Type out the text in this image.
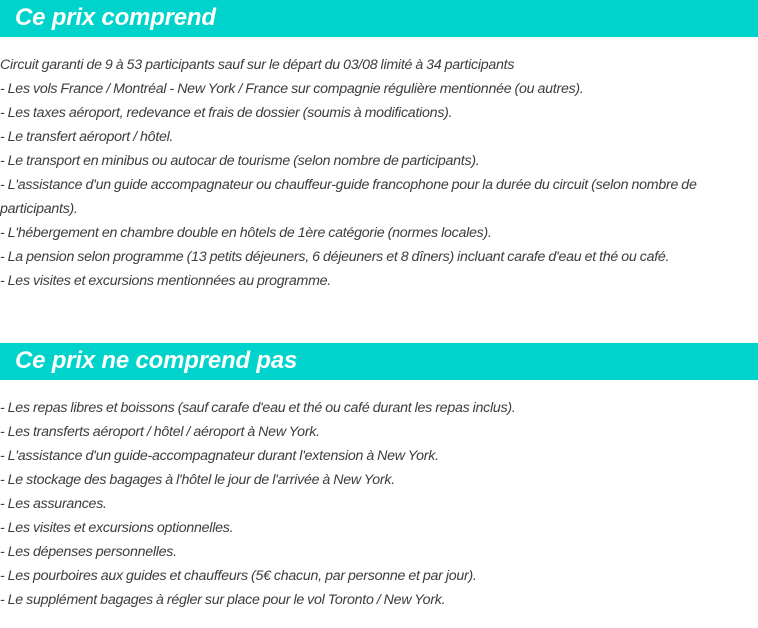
Ce prix comprend
Circuit garanti de 9 à 53 participants sauf sur le départ du 03/08 limité à 34 participants
- Les vols France / Montréal - New York / France sur compagnie régulière mentionnée (ou autres).
- Les taxes aéroport, redevance et frais de dossier (soumis à modifications).
- Le transfert aéroport / hôtel.
- Le transport en minibus ou autocar de tourisme (selon nombre de participants).
- L'assistance d'un guide accompagnateur ou chauffeur-guide francophone pour la durée du circuit (selon nombre de participants).
- L'hébergement en chambre double en hôtels de 1ère catégorie (normes locales).
- La pension selon programme (13 petits déjeuners, 6 déjeuners et 8 dîners) incluant carafe d'eau et thé ou café.
- Les visites et excursions mentionnées au programme.
Ce prix ne comprend pas
- Les repas libres et boissons (sauf carafe d'eau et thé ou café durant les repas inclus).
- Les transferts aéroport / hôtel / aéroport à New York.
- L'assistance d'un guide-accompagnateur durant l'extension à New York.
- Le stockage des bagages à l'hôtel le jour de l'arrivée à New York.
- Les assurances.
- Les visites et excursions optionnelles.
- Les dépenses personnelles.
- Les pourboires aux guides et chauffeurs (5€ chacun, par personne et par jour).
- Le supplément bagages à régler sur place pour le vol Toronto / New York.
